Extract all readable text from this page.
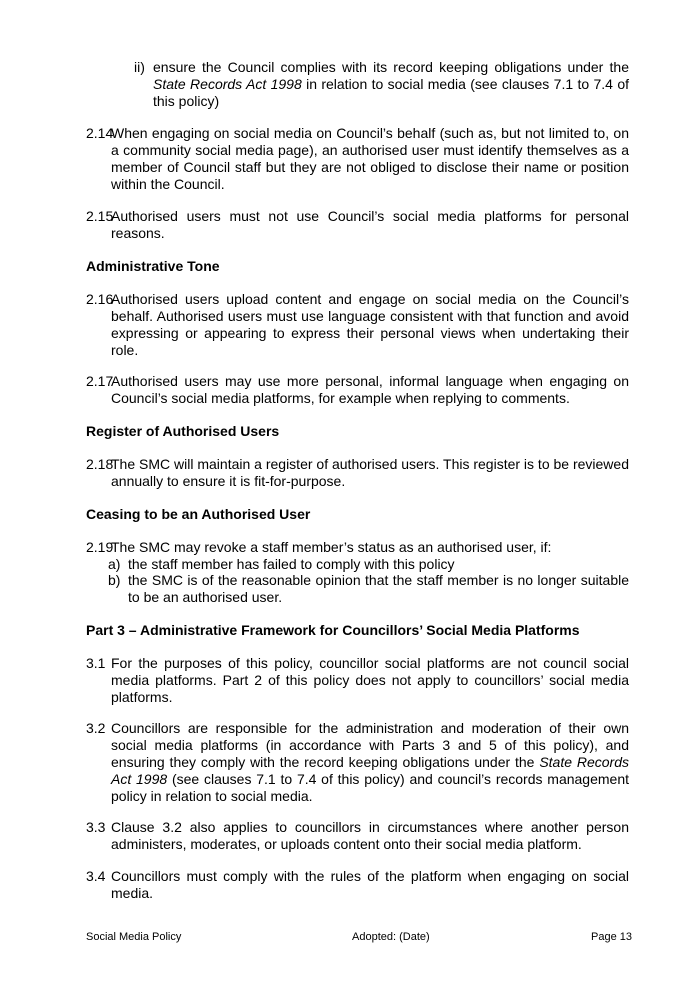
ii) ensure the Council complies with its record keeping obligations under the State Records Act 1998 in relation to social media (see clauses 7.1 to 7.4 of this policy)

2.14

When engaging on social media on Council’s behalf (such as, but not limited to, on a community social media page), an authorised user must identify themselves as a member of Council staff but they are not obliged to disclose their name or position within the Council.

2.15

Authorised users must not use Council’s social media platforms for personal reasons.

Administrative Tone

2.16

Authorised users upload content and engage on social media on the Council’s behalf. Authorised users must use language consistent with that function and avoid expressing or appearing to express their personal views when undertaking their role.

2.17

Authorised users may use more personal, informal language when engaging on Council’s social media platforms, for example when replying to comments.

Register of Authorised Users

2.18

The SMC will maintain a register of authorised users. This register is to be reviewed annually to ensure it is fit-for-purpose.

Ceasing to be an Authorised User

2.19

The SMC may revoke a staff member’s status as an authorised user, if:

a) the staff member has failed to comply with this policy

b) the SMC is of the reasonable opinion that the staff member is no longer suitable to be an authorised user.

Part 3 – Administrative Framework for Councillors’ Social Media Platforms

3.1 For the purposes of this policy, councillor social platforms are not council social media platforms. Part 2 of this policy does not apply to councillors’ social media platforms.

3.2 Councillors are responsible for the administration and moderation of their own social media platforms (in accordance with Parts 3 and 5 of this policy), and ensuring they comply with the record keeping obligations under the State Records Act 1998 (see clauses 7.1 to 7.4 of this policy) and council’s records management policy in relation to social media.

3.3 Clause 3.2 also applies to councillors in circumstances where another person administers, moderates, or uploads content onto their social media platform.

3.4 Councillors must comply with the rules of the platform when engaging on social media.

Social Media Policy	Adopted: (Date)	Page 13
